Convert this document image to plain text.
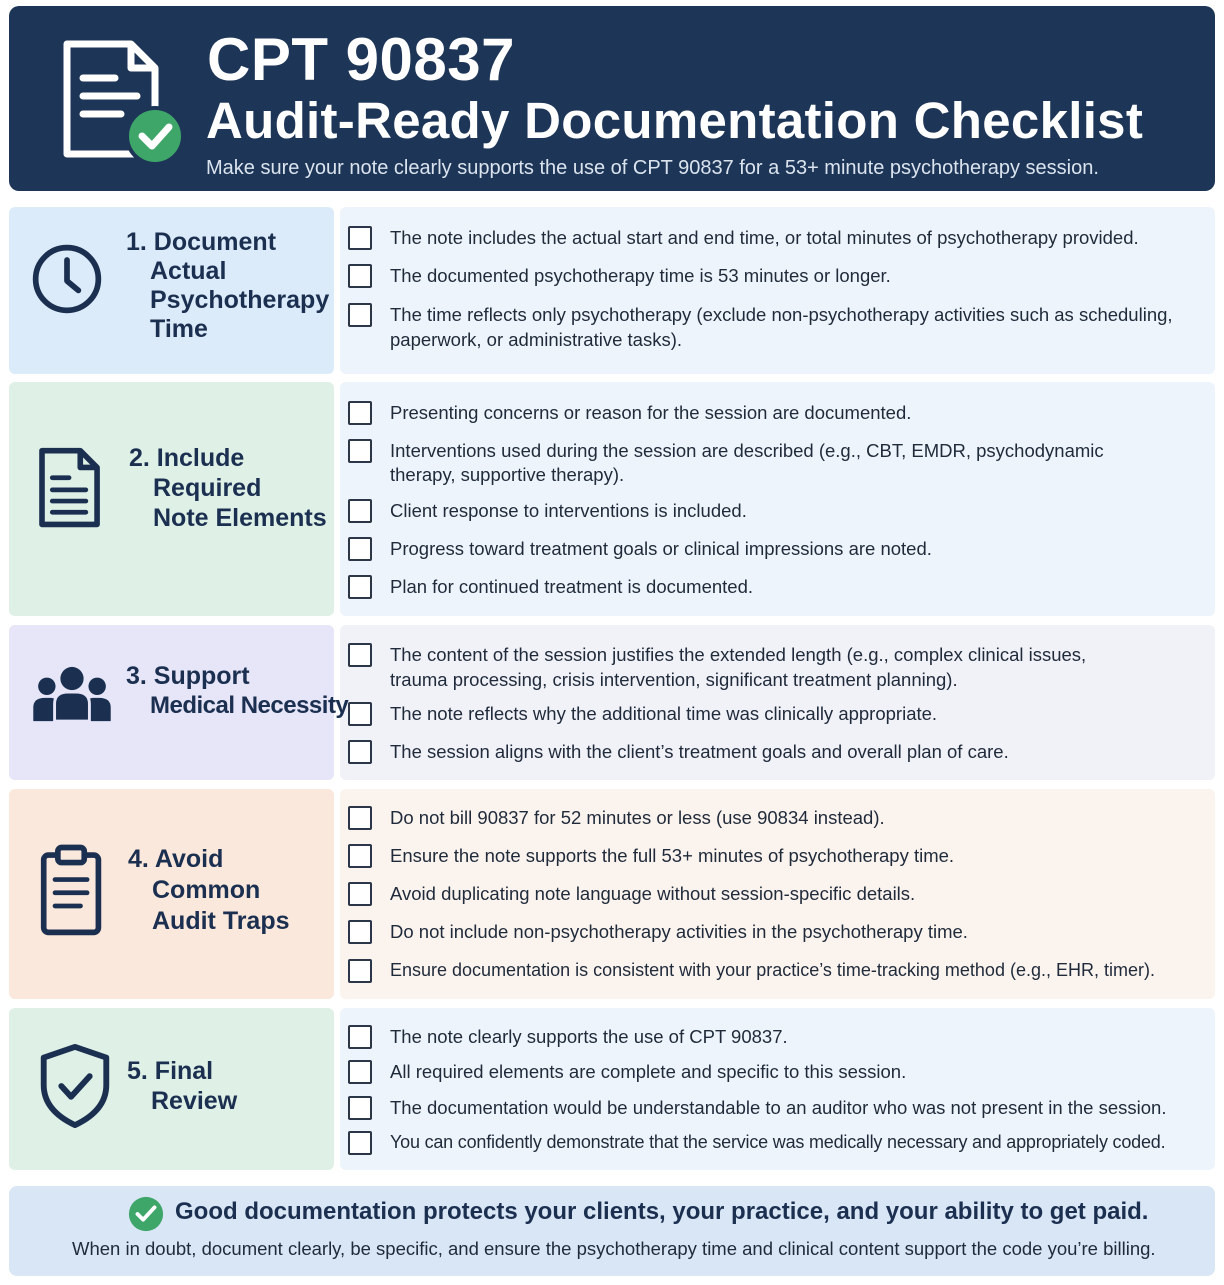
CPT 90837
Audit-Ready Documentation Checklist
Make sure your note clearly supports the use of CPT 90837 for a 53+ minute psychotherapy session.
1. Document
Actual
Psychotherapy
Time
The note includes the actual start and end time, or total minutes of psychotherapy provided.
The documented psychotherapy time is 53 minutes or longer.
The time reflects only psychotherapy (exclude non-psychotherapy activities such as scheduling,
paperwork, or administrative tasks).
2. Include
Required
Note Elements
Presenting concerns or reason for the session are documented.
Interventions used during the session are described (e.g., CBT, EMDR, psychodynamic
therapy, supportive therapy).
Client response to interventions is included.
Progress toward treatment goals or clinical impressions are noted.
Plan for continued treatment is documented.
3. Support
Medical Necessity
The content of the session justifies the extended length (e.g., complex clinical issues,
trauma processing, crisis intervention, significant treatment planning).
The note reflects why the additional time was clinically appropriate.
The session aligns with the client’s treatment goals and overall plan of care.
4. Avoid
Common
Audit Traps
Do not bill 90837 for 52 minutes or less (use 90834 instead).
Ensure the note supports the full 53+ minutes of psychotherapy time.
Avoid duplicating note language without session-specific details.
Do not include non-psychotherapy activities in the psychotherapy time.
Ensure documentation is consistent with your practice’s time-tracking method (e.g., EHR, timer).
5. Final
Review
The note clearly supports the use of CPT 90837.
All required elements are complete and specific to this session.
The documentation would be understandable to an auditor who was not present in the session.
You can confidently demonstrate that the service was medically necessary and appropriately coded.
Good documentation protects your clients, your practice, and your ability to get paid.
When in doubt, document clearly, be specific, and ensure the psychotherapy time and clinical content support the code you’re billing.
